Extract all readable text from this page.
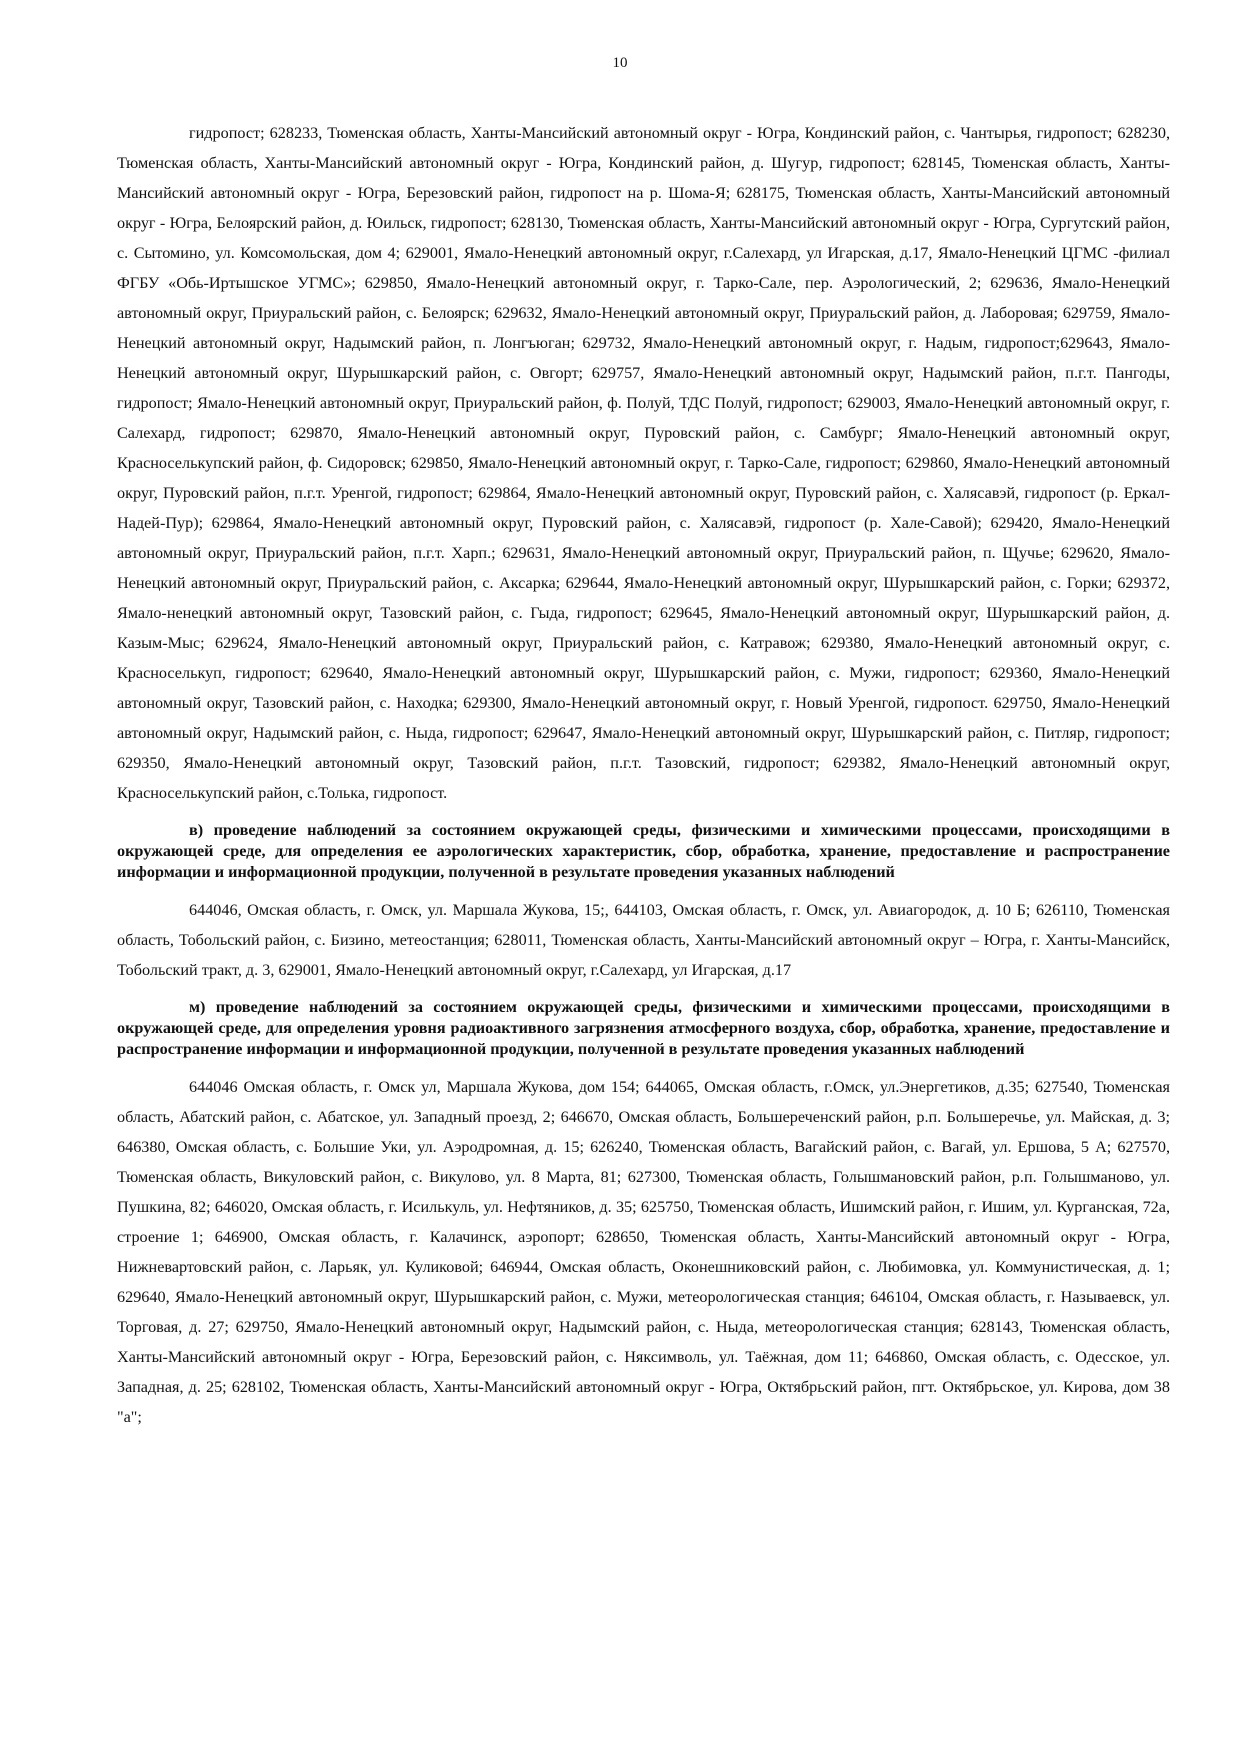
10

гидропост; 628233, Тюменская область, Ханты-Мансийский автономный округ - Югра, Кондинский район, с. Чантырья, гидропост; 628230, Тюменская область, Ханты-Мансийский автономный округ - Югра, Кондинский район, д. Шугур, гидропост; 628145, Тюменская область, Ханты-Мансийский автономный округ - Югра, Березовский район, гидропост на р. Шома-Я; 628175, Тюменская область, Ханты-Мансийский автономный округ - Югра, Белоярский район, д. Юильск, гидропост; 628130, Тюменская область, Ханты-Мансийский автономный округ - Югра, Сургутский район, с. Сытомино, ул. Комсомольская, дом 4; 629001, Ямало-Ненецкий автономный округ, г.Салехард, ул Игарская, д.17, Ямало-Ненецкий ЦГМС -филиал ФГБУ «Обь-Иртышское УГМС»; 629850, Ямало-Ненецкий автономный округ, г. Тарко-Сале, пер. Аэрологический, 2; 629636, Ямало-Ненецкий автономный округ, Приуральский район, с. Белоярск; 629632, Ямало-Ненецкий автономный округ, Приуральский район, д. Лаборовая; 629759, Ямало-Ненецкий автономный округ, Надымский район, п. Лонгъюган; 629732, Ямало-Ненецкий автономный округ, г. Надым, гидропост;629643, Ямало-Ненецкий автономный округ, Шурышкарский район, с. Овгорт; 629757, Ямало-Ненецкий автономный округ, Надымский район, п.г.т. Пангоды, гидропост; Ямало-Ненецкий автономный округ, Приуральский район, ф. Полуй, ТДС Полуй, гидропост; 629003, Ямало-Ненецкий автономный округ, г. Салехард, гидропост; 629870, Ямало-Ненецкий автономный округ, Пуровский район, с. Самбург; Ямало-Ненецкий автономный округ, Красноселькупский район, ф. Сидоровск; 629850, Ямало-Ненецкий автономный округ, г. Тарко-Сале, гидропост; 629860, Ямало-Ненецкий автономный округ, Пуровский район, п.г.т. Уренгой, гидропост; 629864, Ямало-Ненецкий автономный округ, Пуровский район, с. Халясавэй, гидропост (р. Еркал-Надей-Пур); 629864, Ямало-Ненецкий автономный округ, Пуровский район, с. Халясавэй, гидропост (р. Хале-Савой); 629420, Ямало-Ненецкий автономный округ, Приуральский район, п.г.т. Харп.; 629631, Ямало-Ненецкий автономный округ, Приуральский район, п. Щучье; 629620, Ямало-Ненецкий автономный округ, Приуральский район, с. Аксарка; 629644, Ямало-Ненецкий автономный округ, Шурышкарский район, с. Горки; 629372, Ямало-ненецкий автономный округ, Тазовский район, с. Гыда, гидропост; 629645, Ямало-Ненецкий автономный округ, Шурышкарский район, д. Казым-Мыс; 629624, Ямало-Ненецкий автономный округ, Приуральский район, с. Катравож; 629380, Ямало-Ненецкий автономный округ, с. Красноселькуп, гидропост; 629640, Ямало-Ненецкий автономный округ, Шурышкарский район, с. Мужи, гидропост; 629360, Ямало-Ненецкий автономный округ, Тазовский район, с. Находка; 629300, Ямало-Ненецкий автономный округ, г. Новый Уренгой, гидропост. 629750, Ямало-Ненецкий автономный округ, Надымский район, с. Ныда, гидропост; 629647, Ямало-Ненецкий автономный округ, Шурышкарский район, с. Питляр, гидропост; 629350, Ямало-Ненецкий автономный округ, Тазовский район, п.г.т. Тазовский, гидропост; 629382, Ямало-Ненецкий автономный округ, Красноселькупский район, с.Толька, гидропост.

в) проведение наблюдений за состоянием окружающей среды, физическими и химическими процессами, происходящими в окружающей среде, для определения ее аэрологических характеристик, сбор, обработка, хранение, предоставление и распространение информации и информационной продукции, полученной в результате проведения указанных наблюдений

644046, Омская область, г. Омск, ул. Маршала Жукова, 15;, 644103, Омская область, г. Омск, ул. Авиагородок, д. 10 Б; 626110, Тюменская область, Тобольский район, с. Бизино, метеостанция; 628011, Тюменская область, Ханты-Мансийский автономный округ – Югра, г. Ханты-Мансийск, Тобольский тракт, д. 3, 629001, Ямало-Ненецкий автономный округ, г.Салехард, ул Игарская, д.17

м) проведение наблюдений за состоянием окружающей среды, физическими и химическими процессами, происходящими в окружающей среде, для определения уровня радиоактивного загрязнения атмосферного воздуха, сбор, обработка, хранение, предоставление и распространение информации и информационной продукции, полученной в результате проведения указанных наблюдений

644046 Омская область, г. Омск ул, Маршала Жукова, дом 154; 644065, Омская область, г.Омск, ул.Энергетиков, д.35; 627540, Тюменская область, Абатский район, с. Абатское, ул. Западный проезд, 2; 646670, Омская область, Большереченский район, р.п. Большеречье, ул. Майская, д. 3; 646380, Омская область, с. Большие Уки, ул. Аэродромная, д. 15; 626240, Тюменская область, Вагайский район, с. Вагай, ул. Ершова, 5 А; 627570, Тюменская область, Викуловский район, с. Викулово, ул. 8 Марта, 81; 627300, Тюменская область, Голышмановский район, р.п. Голышманово, ул. Пушкина, 82; 646020, Омская область, г. Исилькуль, ул. Нефтяников, д. 35; 625750, Тюменская область, Ишимский район, г. Ишим, ул. Курганская, 72а, строение 1; 646900, Омская область, г. Калачинск, аэропорт; 628650, Тюменская область, Ханты-Мансийский автономный округ - Югра, Нижневартовский район, с. Ларьяк, ул. Куликовой; 646944, Омская область, Оконешниковский район, с. Любимовка, ул. Коммунистическая, д. 1; 629640, Ямало-Ненецкий автономный округ, Шурышкарский район, с. Мужи, метеорологическая станция; 646104, Омская область, г. Называевск, ул. Торговая, д. 27; 629750, Ямало-Ненецкий автономный округ, Надымский район, с. Ныда, метеорологическая станция; 628143, Тюменская область, Ханты-Мансийский автономный округ - Югра, Березовский район, с. Няксимволь, ул. Таёжная, дом 11; 646860, Омская область, с. Одесское, ул. Западная, д. 25; 628102, Тюменская область, Ханты-Мансийский автономный округ - Югра, Октябрьский район, пгт. Октябрьское, ул. Кирова, дом 38 "а";
